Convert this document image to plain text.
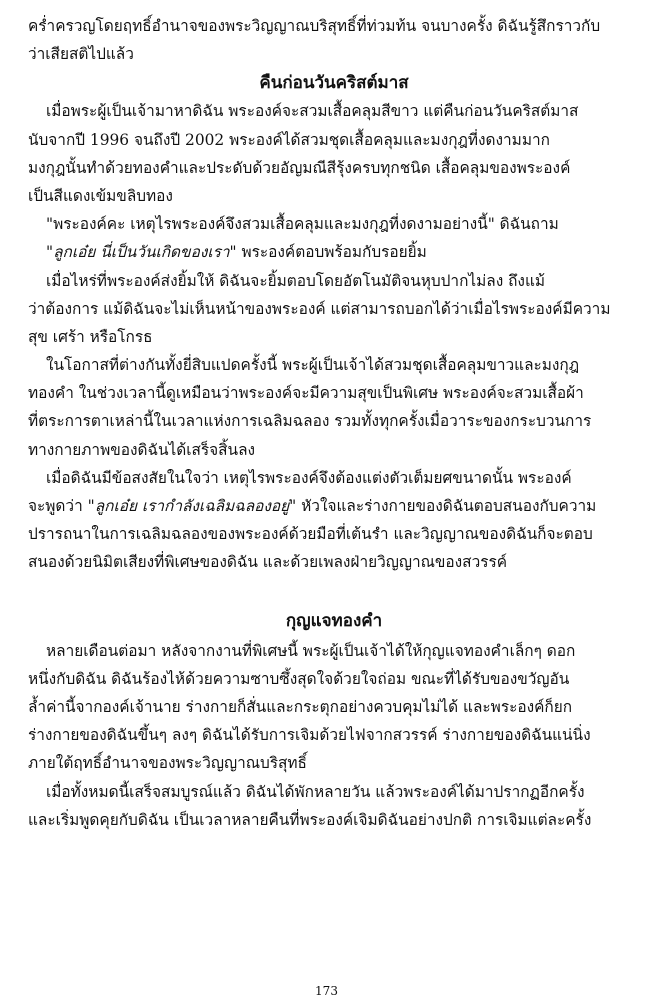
คร่ำครวญโดยฤทธิ์อำนาจของพระวิญญาณบริสุทธิ์ที่ท่วมท้น จนบางครั้ง ดิฉันรู้สึกราวกับ
ว่าเสียสติไปแล้ว
คืนก่อนวันคริสต์มาส
เมื่อพระผู้เป็นเจ้ามาหาดิฉัน พระองค์จะสวมเสื้อคลุมสีขาว แต่คืนก่อนวันคริสต์มาส
นับจากปี 1996 จนถึงปี 2002 พระองค์ได้สวมชุดเสื้อคลุมและมงกุฎที่งดงามมาก
มงกุฎนั้นทำด้วยทองคำและประดับด้วยอัญมณีสีรุ้งครบทุกชนิด เสื้อคลุมของพระองค์
เป็นสีแดงเข้มขลิบทอง
"พระองค์คะ เหตุไรพระองค์จึงสวมเสื้อคลุมและมงกุฎที่งดงามอย่างนี้" ดิฉันถาม
"ลูกเอ๋ย นี่เป็นวันเกิดของเรา" พระองค์ตอบพร้อมกับรอยยิ้ม
เมื่อไหร่ที่พระองค์ส่งยิ้มให้ ดิฉันจะยิ้มตอบโดยอัตโนมัติจนหุบปากไม่ลง ถึงแม้
ว่าต้องการ แม้ดิฉันจะไม่เห็นหน้าของพระองค์ แต่สามารถบอกได้ว่าเมื่อไรพระองค์มีความ
สุข เศร้า หรือโกรธ
ในโอกาสที่ต่างกันทั้งยี่สิบแปดครั้งนี้ พระผู้เป็นเจ้าได้สวมชุดเสื้อคลุมขาวและมงกุฎ
ทองคำ ในช่วงเวลานี้ดูเหมือนว่าพระองค์จะมีความสุขเป็นพิเศษ พระองค์จะสวมเสื้อผ้า
ที่ตระการตาเหล่านี้ในเวลาแห่งการเฉลิมฉลอง รวมทั้งทุกครั้งเมื่อวาระของกระบวนการ
ทางกายภาพของดิฉันได้เสร็จสิ้นลง
เมื่อดิฉันมีข้อสงสัยในใจว่า เหตุไรพระองค์จึงต้องแต่งตัวเต็มยศขนาดนั้น พระองค์
จะพูดว่า "ลูกเอ๋ย เรากำลังเฉลิมฉลองอยู่" หัวใจและร่างกายของดิฉันตอบสนองกับความ
ปรารถนาในการเฉลิมฉลองของพระองค์ด้วยมือที่เต้นรำ และวิญญาณของดิฉันก็จะตอบ
สนองด้วยนิมิตเสียงที่พิเศษของดิฉัน และด้วยเพลงฝ่ายวิญญาณของสวรรค์
กุญแจทองคำ
หลายเดือนต่อมา หลังจากงานที่พิเศษนี้ พระผู้เป็นเจ้าได้ให้กุญแจทองคำเล็กๆ ดอก
หนึ่งกับดิฉัน ดิฉันร้องไห้ด้วยความซาบซึ้งสุดใจด้วยใจถ่อม ขณะที่ได้รับของขวัญอัน
ล้ำค่านี้จากองค์เจ้านาย ร่างกายก็สั่นและกระตุกอย่างควบคุมไม่ได้ และพระองค์ก็ยก
ร่างกายของดิฉันขึ้นๆ ลงๆ ดิฉันได้รับการเจิมด้วยไฟจากสวรรค์ ร่างกายของดิฉันแน่นิ่ง
ภายใต้ฤทธิ์อำนาจของพระวิญญาณบริสุทธิ์
เมื่อทั้งหมดนี้เสร็จสมบูรณ์แล้ว ดิฉันได้พักหลายวัน แล้วพระองค์ได้มาปรากฏอีกครั้ง
และเริ่มพูดคุยกับดิฉัน เป็นเวลาหลายคืนที่พระองค์เจิมดิฉันอย่างปกติ การเจิมแต่ละครั้ง
173
